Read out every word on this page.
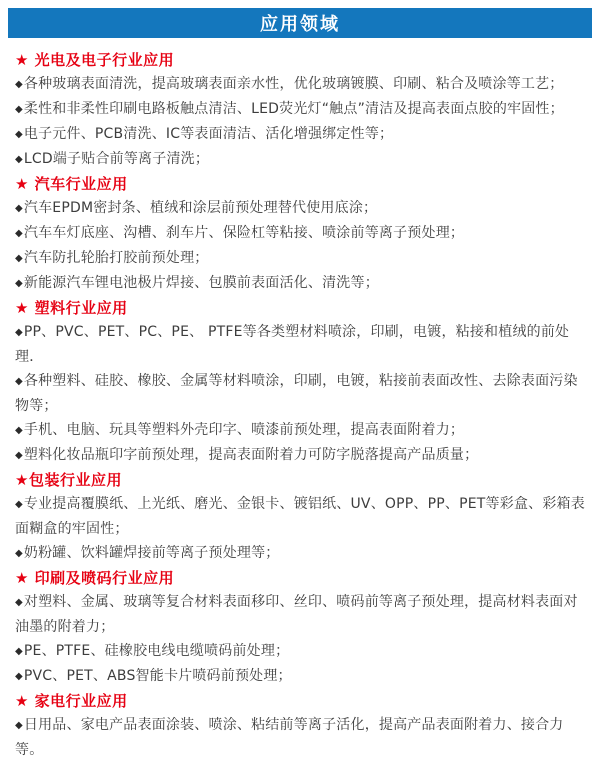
应用领域
★ 光电及电子行业应用
◆各种玻璃表面清洗，提高玻璃表面亲水性，优化玻璃镀膜、印刷、粘合及喷涂等工艺；
◆柔性和非柔性印刷电路板触点清洁、LED荧光灯“触点”清洁及提高表面点胶的牢固性；
◆电子元件、PCB清洗、IC等表面清洁、活化增强绑定性等；
◆LCD端子贴合前等离子清洗；
★ 汽车行业应用
◆汽车EPDM密封条、植绒和涂层前预处理替代使用底涂；
◆汽车车灯底座、沟槽、刹车片、保险杠等粘接、喷涂前等离子预处理；
◆汽车防扎轮胎打胶前预处理；
◆新能源汽车锂电池极片焊接、包膜前表面活化、清洗等；
★ 塑料行业应用
◆PP、PVC、PET、PC、PE、 PTFE等各类塑材料喷涂，印刷，电镀，粘接和植绒的前处理．
◆各种塑料、硅胶、橡胶、金属等材料喷涂，印刷，电镀，粘接前表面改性、去除表面污染物等；
◆手机、电脑、玩具等塑料外壳印字、喷漆前预处理，提高表面附着力；
◆塑料化妆品瓶印字前预处理，提高表面附着力可防字脱落提高产品质量；
★包装行业应用
◆专业提高覆膜纸、上光纸、磨光、金银卡、镀铝纸、UV、OPP、PP、PET等彩盒、彩箱表面糊盒的牢固性；
◆奶粉罐、饮料罐焊接前等离子预处理等；
★ 印刷及喷码行业应用
◆对塑料、金属、玻璃等复合材料表面移印、丝印、喷码前等离子预处理，提高材料表面对油墨的附着力；
◆PE、PTFE、硅橡胶电线电缆喷码前处理；
◆PVC、PET、ABS智能卡片喷码前预处理；
★ 家电行业应用
◆日用品、家电产品表面涂装、喷涂、粘结前等离子活化，提高产品表面附着力、接合力等。
